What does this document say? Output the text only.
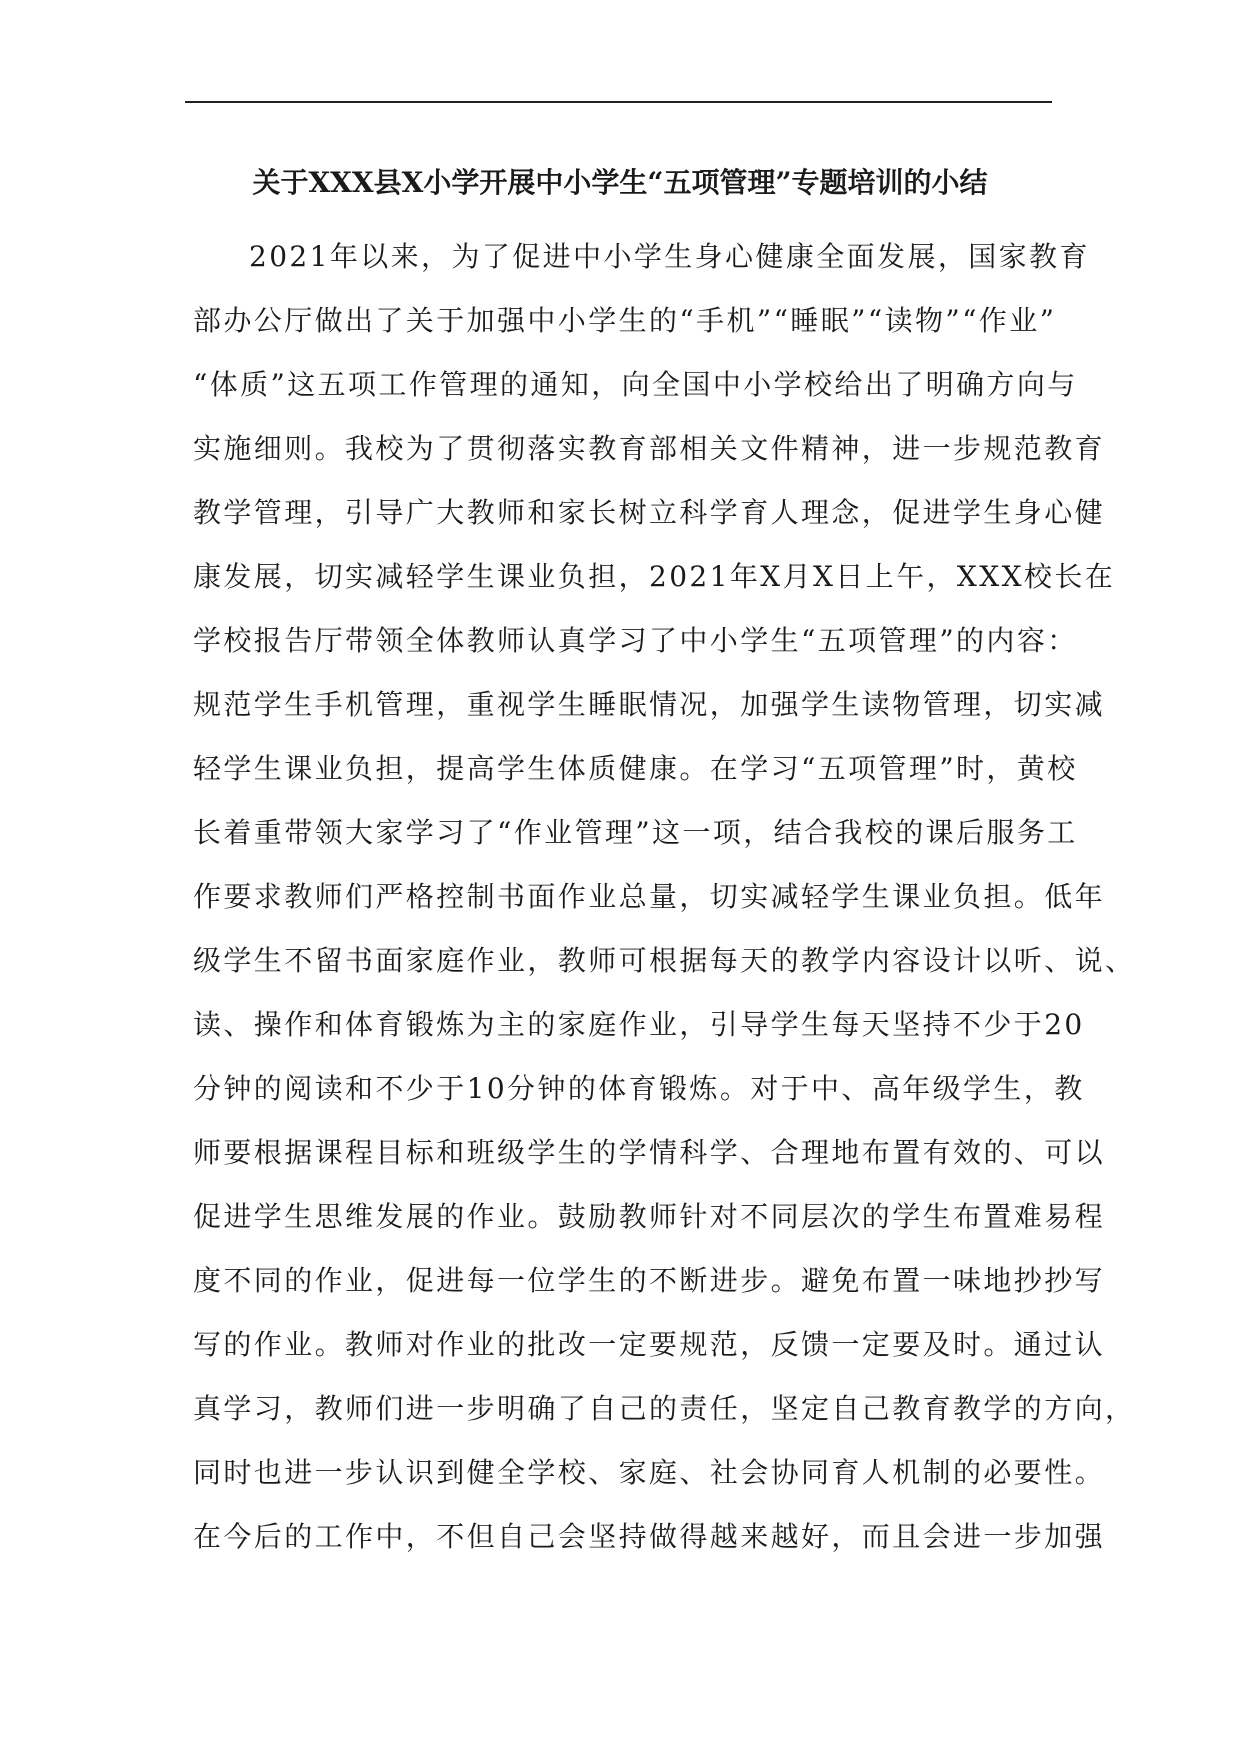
关于XXX县X小学开展中小学生“五项管理”专题培训的小结
2021年以来，为了促进中小学生身心健康全面发展，国家教育
部办公厅做出了关于加强中小学生的“手机”“睡眠”“读物”“作业”
“体质”这五项工作管理的通知，向全国中小学校给出了明确方向与
实施细则。我校为了贯彻落实教育部相关文件精神，进一步规范教育
教学管理，引导广大教师和家长树立科学育人理念，促进学生身心健
康发展，切实减轻学生课业负担，2021年X月X日上午，XXX校长在
学校报告厅带领全体教师认真学习了中小学生“五项管理”的内容：
规范学生手机管理，重视学生睡眠情况，加强学生读物管理，切实减
轻学生课业负担，提高学生体质健康。在学习“五项管理”时，黄校
长着重带领大家学习了“作业管理”这一项，结合我校的课后服务工
作要求教师们严格控制书面作业总量，切实减轻学生课业负担。低年
级学生不留书面家庭作业，教师可根据每天的教学内容设计以听、说、
读、操作和体育锻炼为主的家庭作业，引导学生每天坚持不少于20
分钟的阅读和不少于10分钟的体育锻炼。对于中、高年级学生，教
师要根据课程目标和班级学生的学情科学、合理地布置有效的、可以
促进学生思维发展的作业。鼓励教师针对不同层次的学生布置难易程
度不同的作业，促进每一位学生的不断进步。避免布置一味地抄抄写
写的作业。教师对作业的批改一定要规范，反馈一定要及时。通过认
真学习，教师们进一步明确了自己的责任，坚定自己教育教学的方向，
同时也进一步认识到健全学校、家庭、社会协同育人机制的必要性。
在今后的工作中，不但自己会坚持做得越来越好，而且会进一步加强
